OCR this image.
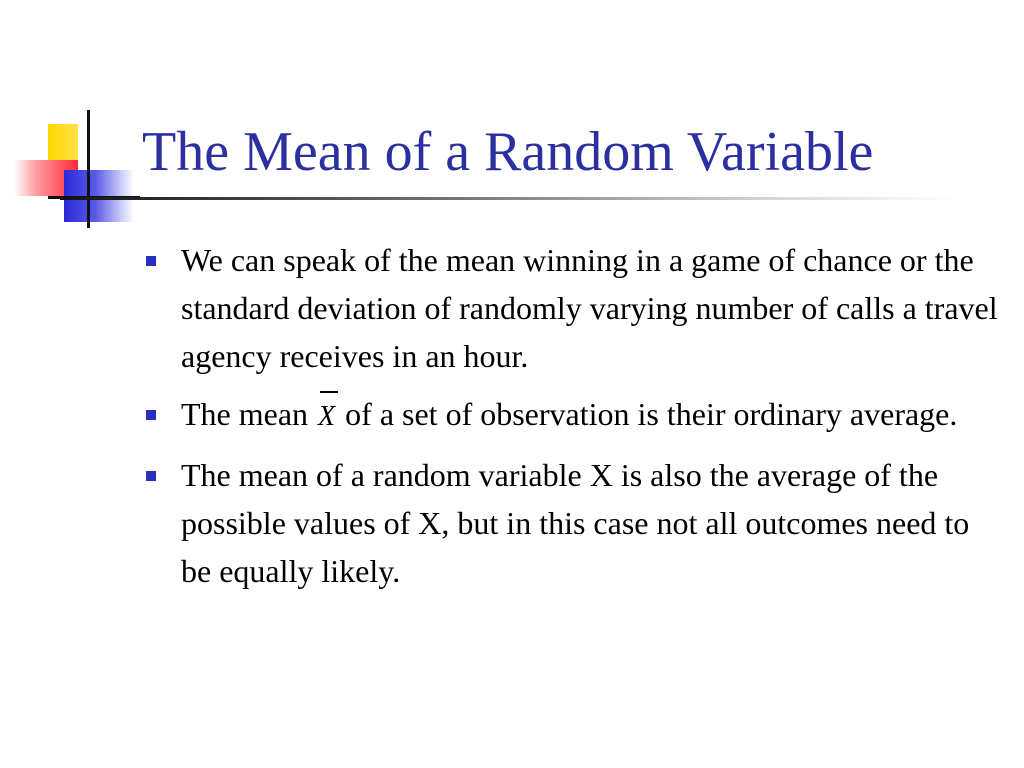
The Mean of a Random Variable
We can speak of the mean winning in a game of chance or the standard deviation of randomly varying number of calls a travel agency receives in an hour.
The mean X of a set of observation is their ordinary average.
The mean of a random variable X is also the average of the possible values of X, but in this case not all outcomes need to be equally likely.
